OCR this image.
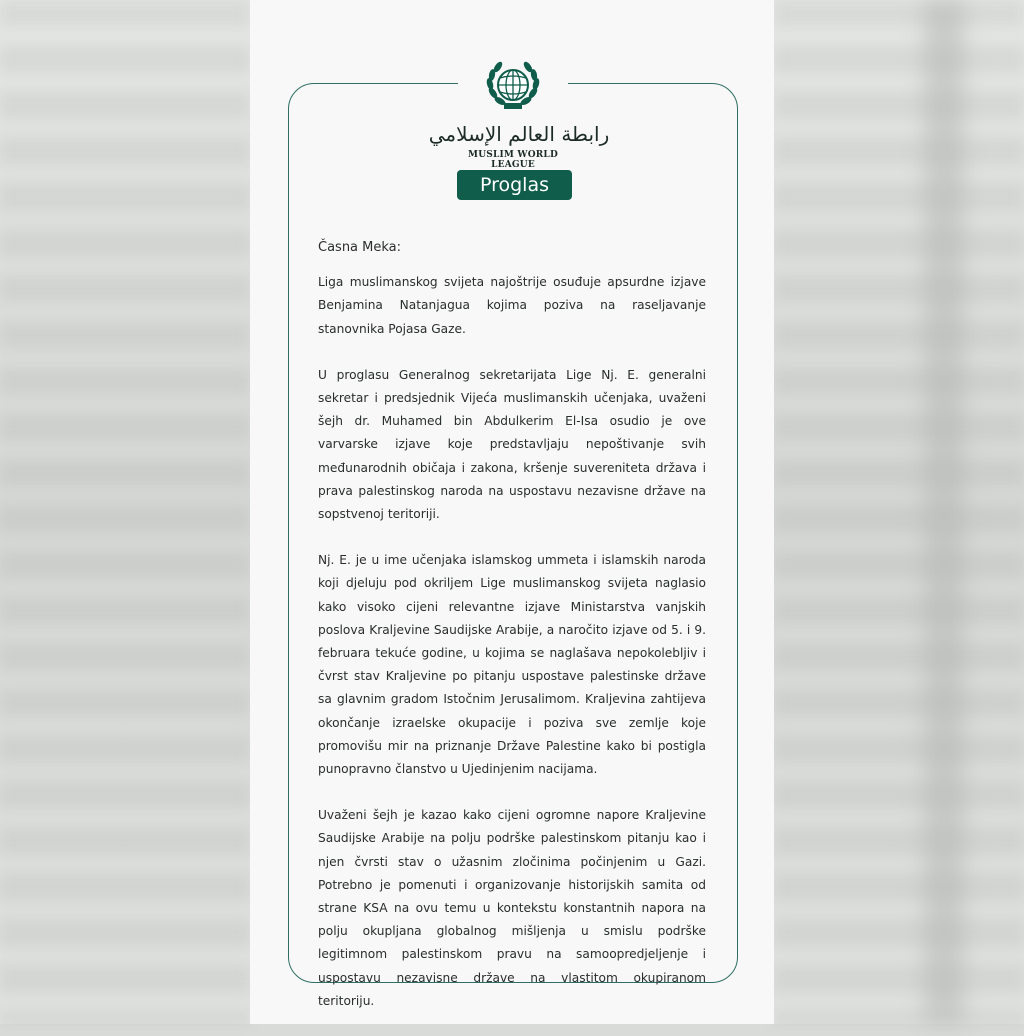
رابطة العالم الإسلامي
MUSLIM WORLD LEAGUE
Proglas
Časna Meka:

Liga muslimanskog svijeta najoštrije osuđuje apsurdne izjave Benjamina Natanjagua kojima poziva na raseljavanje stanovnika Pojasa Gaze.

U proglasu Generalnog sekretarijata Lige Nj. E. generalni sekretar i predsjednik Vijeća muslimanskih učenjaka, uvaženi šejh dr. Muhamed bin Abdulkerim El-Isa osudio je ove varvarske izjave koje predstavljaju nepoštivanje svih međunarodnih običaja i zakona, kršenje suvereniteta država i prava palestinskog naroda na uspostavu nezavisne države na sopstvenoj teritoriji.

Nj. E. je u ime učenjaka islamskog ummeta i islamskih naroda koji djeluju pod okriljem Lige muslimanskog svijeta naglasio kako visoko cijeni relevantne izjave Ministarstva vanjskih poslova Kraljevine Saudijske Arabije, a naročito izjave od 5. i 9. februara tekuće godine, u kojima se naglašava nepokolebljiv i čvrst stav Kraljevine po pitanju uspostave palestinske države sa glavnim gradom Istočnim Jerusalimom. Kraljevina zahtijeva okončanje izraelske okupacije i poziva sve zemlje koje promovišu mir na priznanje Države Palestine kako bi postigla punopravno članstvo u Ujedinjenim nacijama.

Uvaženi šejh je kazao kako cijeni ogromne napore Kraljevine Saudijske Arabije na polju podrške palestinskom pitanju kao i njen čvrsti stav o užasnim zločinima počinjenim u Gazi. Potrebno je pomenuti i organizovanje historijskih samita od strane KSA na ovu temu u kontekstu konstantnih napora na polju okupljana globalnog mišljenja u smislu podrške legitimnom palestinskom pravu na samoopredjeljenje i uspostavu nezavisne države na vlastitom okupiranom teritoriju.
